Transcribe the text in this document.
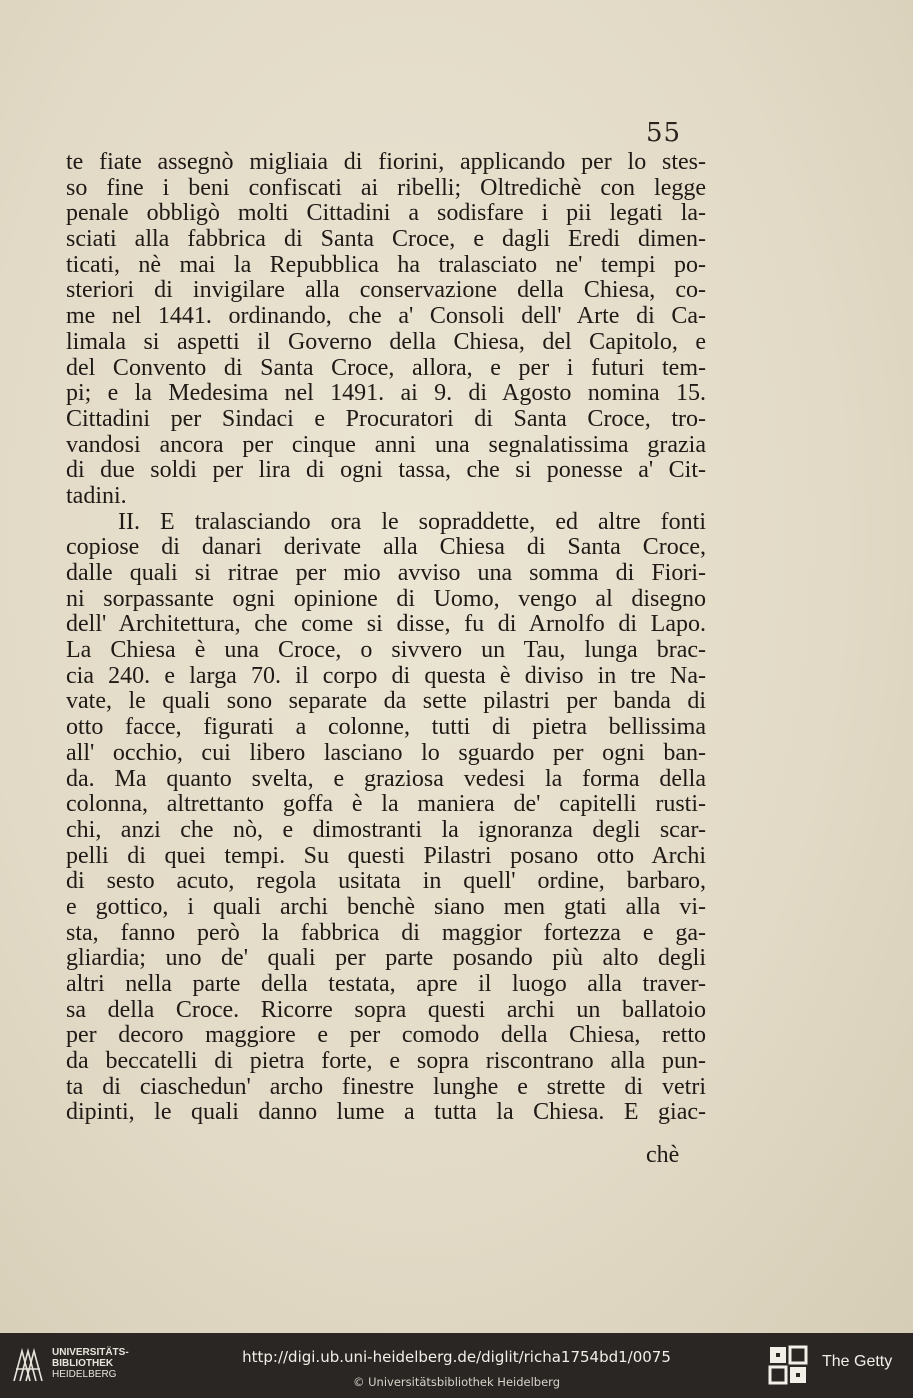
55
te fiate assegnò migliaia di fiorini, applicando per lo stes-
so fine i beni confiscati ai ribelli; Oltredichè con legge
penale obbligò molti Cittadini a sodisfare i pii legati la-
sciati alla fabbrica di Santa Croce, e dagli Eredi dimen-
ticati, nè mai la Repubblica ha tralasciato ne' tempi po-
steriori di invigilare alla conservazione della Chiesa, co-
me nel 1441. ordinando, che a' Consoli dell' Arte di Ca-
limala si aspetti il Governo della Chiesa, del Capitolo, e
del Convento di Santa Croce, allora, e per i futuri tem-
pi; e la Medesima nel 1491. ai 9. di Agosto nomina 15.
Cittadini per Sindaci e Procuratori di Santa Croce, tro-
vandosi ancora per cinque anni una segnalatissima grazia
di due soldi per lira di ogni tassa, che si ponesse a' Cit-
tadini.
II. E tralasciando ora le sopraddette, ed altre fonti
copiose di danari derivate alla Chiesa di Santa Croce,
dalle quali si ritrae per mio avviso una somma di Fiori-
ni sorpassante ogni opinione di Uomo, vengo al disegno
dell' Architettura, che come si disse, fu di Arnolfo di Lapo.
La Chiesa è una Croce, o sivvero un Tau, lunga brac-
cia 240. e larga 70. il corpo di questa è diviso in tre Na-
vate, le quali sono separate da sette pilastri per banda di
otto facce, figurati a colonne, tutti di pietra bellissima
all' occhio, cui libero lasciano lo sguardo per ogni ban-
da. Ma quanto svelta, e graziosa vedesi la forma della
colonna, altrettanto goffa è la maniera de' capitelli rusti-
chi, anzi che nò, e dimostranti la ignoranza degli scar-
pelli di quei tempi. Su questi Pilastri posano otto Archi
di sesto acuto, regola usitata in quell' ordine, barbaro,
e gottico, i quali archi benchè siano men gtati alla vi-
sta, fanno però la fabbrica di maggior fortezza e ga-
gliardia; uno de' quali per parte posando più alto degli
altri nella parte della testata, apre il luogo alla traver-
sa della Croce. Ricorre sopra questi archi un ballatoio
per decoro maggiore e per comodo della Chiesa, retto
da beccatelli di pietra forte, e sopra riscontrano alla pun-
ta di ciaschedun' archo finestre lunghe e strette di vetri
dipinti, le quali danno lume a tutta la Chiesa. E giac-
chè
UNIVERSITÄTS-
BIBLIOTHEK
HEIDELBERG
http://digi.ub.uni-heidelberg.de/diglit/richa1754bd1/0075
© Universitätsbibliothek Heidelberg
The Getty
